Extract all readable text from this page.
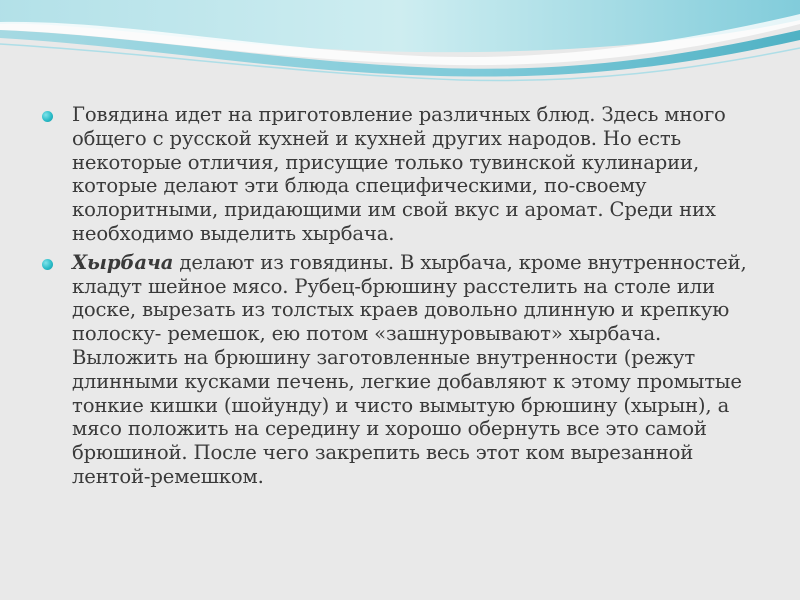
Говядина идет на приготовление различных блюд. Здесь много общего с русской кухней и кухней других народов. Но есть некоторые отличия, присущие только тувинской кулинарии, которые делают эти блюда специфическими, по-своему колоритными, придающими им свой вкус и аромат. Среди них необходимо выделить хырбача.
Хырбача делают из говядины. В хырбача, кроме внутренностей, кладут шейное мясо. Рубец-брюшину расстелить на столе или доске, вырезать из толстых краев довольно длинную и крепкую полоску- ремешок, ею потом «зашнуровывают» хырбача. Выложить на брюшину заготовленные внутренности (режут длинными кусками печень, легкие добавляют к этому промытые тонкие кишки (шойунду) и чисто вымытую брюшину (хырын), а мясо положить на середину и хорошо обернуть все это самой брюшиной. После чего закрепить весь этот ком вырезанной лентой-ремешком.
